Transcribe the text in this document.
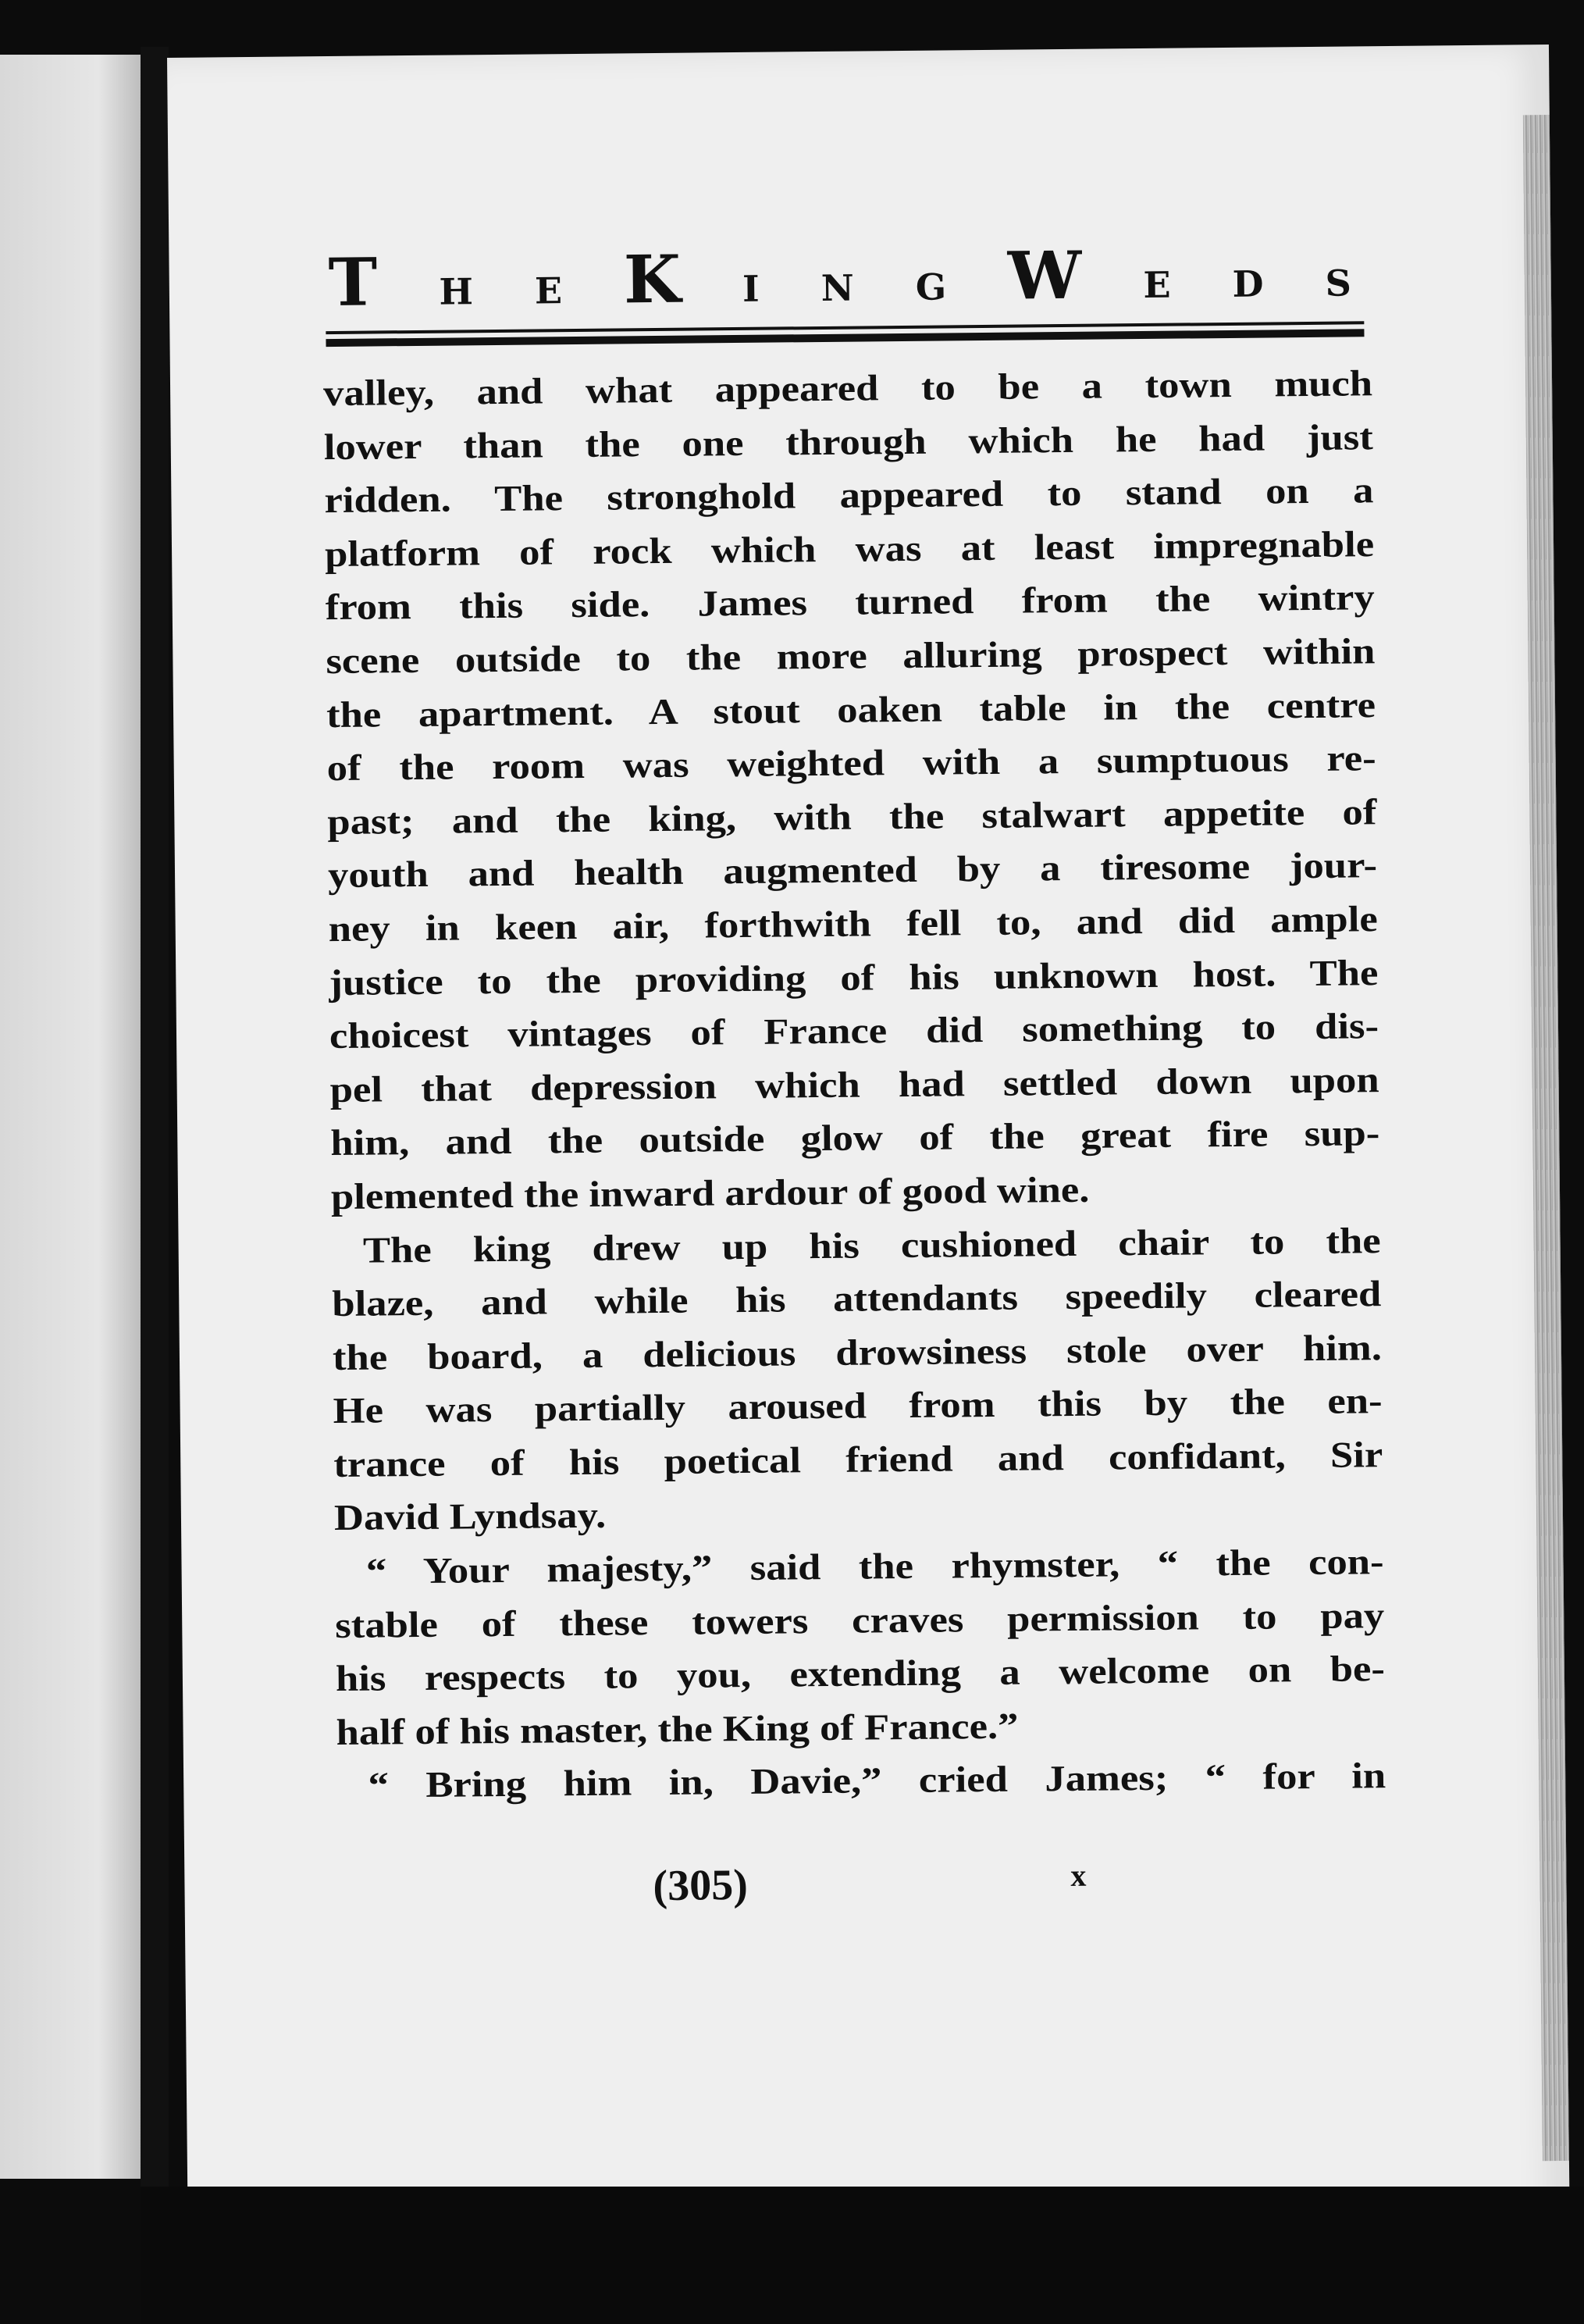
T H E K I N G W E D S
valley, and what appeared to be a town much
lower than the one through which he had just
ridden. The stronghold appeared to stand on a
platform of rock which was at least impregnable
from this side. James turned from the wintry
scene outside to the more alluring prospect within
the apartment. A stout oaken table in the centre
of the room was weighted with a sumptuous re-
past; and the king, with the stalwart appetite of
youth and health augmented by a tiresome jour-
ney in keen air, forthwith fell to, and did ample
justice to the providing of his unknown host. The
choicest vintages of France did something to dis-
pel that depression which had settled down upon
him, and the outside glow of the great fire sup-
plemented the inward ardour of good wine.
The king drew up his cushioned chair to the
blaze, and while his attendants speedily cleared
the board, a delicious drowsiness stole over him.
He was partially aroused from this by the en-
trance of his poetical friend and confidant, Sir
David Lyndsay.
“ Your majesty,” said the rhymster, “ the con-
stable of these towers craves permission to pay
his respects to you, extending a welcome on be-
half of his master, the King of France.”
“ Bring him in, Davie,” cried James; “ for in
(305)	x
